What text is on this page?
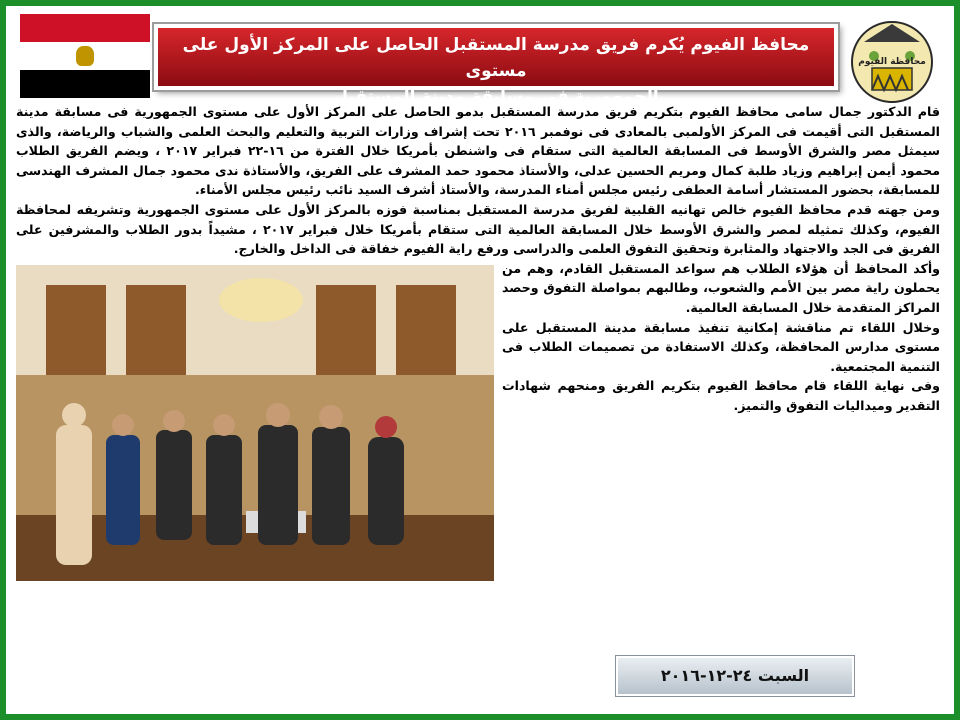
محافظ الفيوم يُكرم فريق مدرسة المستقبل الحاصل على المركز الأول على مستوى
الجمهورية فى مسابقة مدينة المستقبل
محافظة الفيوم

قام الدكتور جمال سامى محافظ الفيوم بتكريم فريق مدرسة المستقبل بدمو الحاصل على المركز الأول على مستوى الجمهورية فى مسابقة مدينة المستقبل التى أقيمت فى المركز الأولمبى بالمعادى فى نوفمبر ٢٠١٦ تحت إشراف وزارات التربية والتعليم والبحث العلمى والشباب والرياضة، والذى سيمثل مصر والشرق الأوسط فى المسابقة العالمية التى ستقام فى واشنطن بأمريكا خلال الفترة من ١٦-٢٢ فبراير ٢٠١٧ ، ويضم الفريق الطلاب محمود أيمن إبراهيم وزياد طلبة كمال ومريم الحسين عدلى، والأستاذ محمود حمد المشرف على الفريق، والأستاذة ندى محمود جمال المشرف الهندسى للمسابقة، بحضور المستشار أسامة العطفى رئيس مجلس أمناء المدرسة، والأستاذ أشرف السيد نائب رئيس مجلس الأمناء.

ومن جهته قدم محافظ الفيوم خالص تهانيه القلبية لفريق مدرسة المستقبل بمناسبة فوزه بالمركز الأول على مستوى الجمهورية وتشريفه لمحافظة الفيوم، وكذلك تمثيله لمصر والشرق الأوسط خلال المسابقة العالمية التى ستقام بأمريكا خلال فبراير ٢٠١٧ ، مشيداً بدور الطلاب والمشرفين على الفريق فى الجد والاجتهاد والمثابرة وتحقيق التفوق العلمى والدراسى ورفع راية الفيوم خفاقة فى الداخل والخارج.

وأكد المحافظ أن هؤلاء الطلاب هم سواعد المستقبل القادم، وهم من يحملون راية مصر بين الأمم والشعوب، وطالبهم بمواصلة التفوق وحصد المراكز المتقدمة خلال المسابقة العالمية.

وخلال اللقاء تم مناقشة إمكانية تنفيذ مسابقة مدينة المستقبل على مستوى مدارس المحافظة، وكذلك الاستفادة من تصميمات الطلاب فى التنمية المجتمعية.

وفى نهاية اللقاء قام محافظ الفيوم بتكريم الفريق ومنحهم شهادات التقدير وميداليات التفوق والتميز.

السبت ٢٤-١٢-٢٠١٦
